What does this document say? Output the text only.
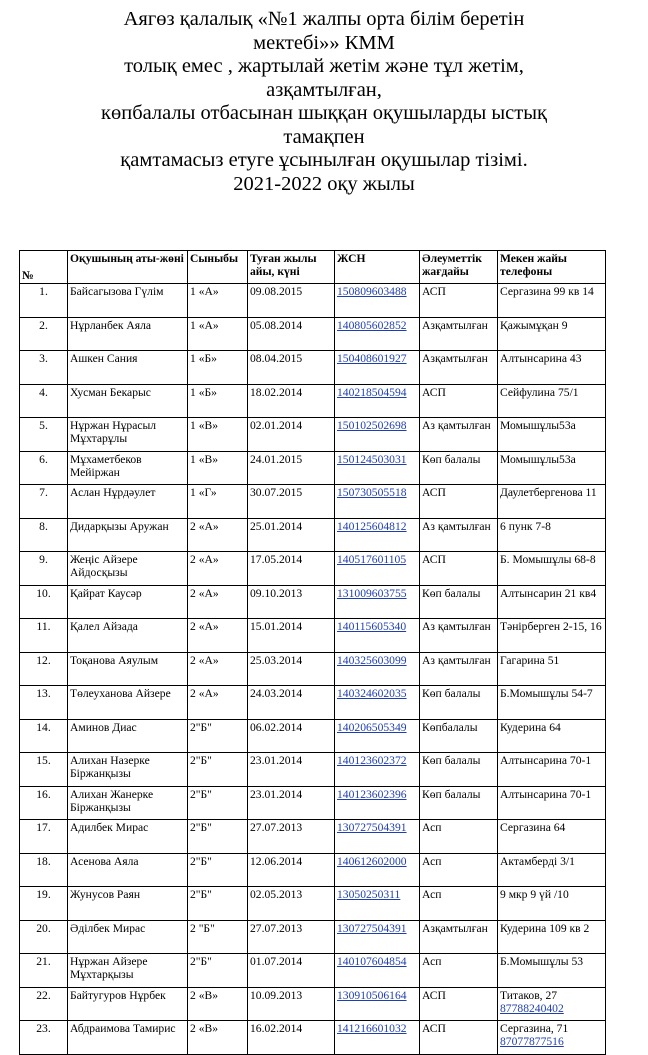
Аягөз қалалық «№1 жалпы орта білім беретін
мектебі»» КММ
толық емес , жартылай жетім және тұл жетім,
азқамтылған,
көпбалалы отбасынан шыққан оқушыларды ыстық
тамақпен
қамтамасыз етуге ұсынылған оқушылар тізімі.
2021-2022 оқу жылы
№	Оқушының аты-жөні	Сыныбы	Туған жылы айы, күні	ЖСН	Әлеуметтік жағдайы	Мекен жайы телефоны
1.	Байсагызова Гүлім	1 «А»	09.08.2015	150809603488	АСП	Сергазина 99 кв 14
2.	Нұрланбек Аяла	1 «А»	05.08.2014	140805602852	Азқамтылған	Қажымұқан 9
3.	Ашкен Сания	1 «Б»	08.04.2015	150408601927	Азқамтылған	Алтынсарина 43
4.	Хусман Бекарыс	1 «Б»	18.02.2014	140218504594	АСП	Сейфулина 75/1
5.	Нұржан Нұрасыл Мұхтарұлы	1 «В»	02.01.2014	150102502698	Аз қамтылған	Момышұлы53а
6.	Мұхаметбеков Мейіржан	1 «В»	24.01.2015	150124503031	Көп балалы	Момышұлы53а
7.	Аслан Нұрдәулет	1 «Г»	30.07.2015	150730505518	АСП	Даулетбергенова 11
8.	Дидарқызы Аружан	2 «А»	25.01.2014	140125604812	Аз қамтылған	6 пунк 7-8
9.	Жеңіс Айзере Айдосқызы	2 «А»	17.05.2014	140517601105	АСП	Б. Момышұлы 68-8
10.	Қайрат Каусәр	2 «А»	09.10.2013	131009603755	Көп балалы	Алтынсарин 21 кв4
11.	Қалел Айзада	2 «А»	15.01.2014	140115605340	Аз қамтылған	Тәнірберген 2-15, 16
12.	Тоқанова Аяулым	2 «А»	25.03.2014	140325603099	Аз қамтылған	Гагарина 51
13.	Төлеуханова Айзере	2 «А»	24.03.2014	140324602035	Көп балалы	Б.Момышұлы 54-7
14.	Аминов Диас	2"Б"	06.02.2014	140206505349	Көпбалалы	Кудерина 64
15.	Алихан Назерке Біржанқызы	2"Б"	23.01.2014	140123602372	Көп балалы	Алтынсарина 70-1
16.	Алихан Жанерке Біржанқызы	2"Б"	23.01.2014	140123602396	Көп балалы	Алтынсарина 70-1
17.	Адилбек Мирас	2"Б"	27.07.2013	130727504391	Асп	Сергазина 64
18.	Асенова Аяла	2"Б"	12.06.2014	140612602000	Асп	Актамберді 3/1
19.	Жунусов Раян	2"Б"	02.05.2013	13050250311	Асп	9 мкр 9 үй /10
20.	Әділбек Мирас	2 "Б"	27.07.2013	130727504391	Азқамтылған	Кудерина 109 кв 2
21.	Нұржан Айзере Мұхтарқызы	2"Б"	01.07.2014	140107604854	Асп	Б.Момышұлы 53
22.	Байтугуров Нұрбек	2 «В»	10.09.2013	130910506164	АСП	Титаков, 27
87788240402
23.	Абдраимова Тамирис	2 «В»	16.02.2014	141216601032	АСП	Сергазина, 71
87077877516
